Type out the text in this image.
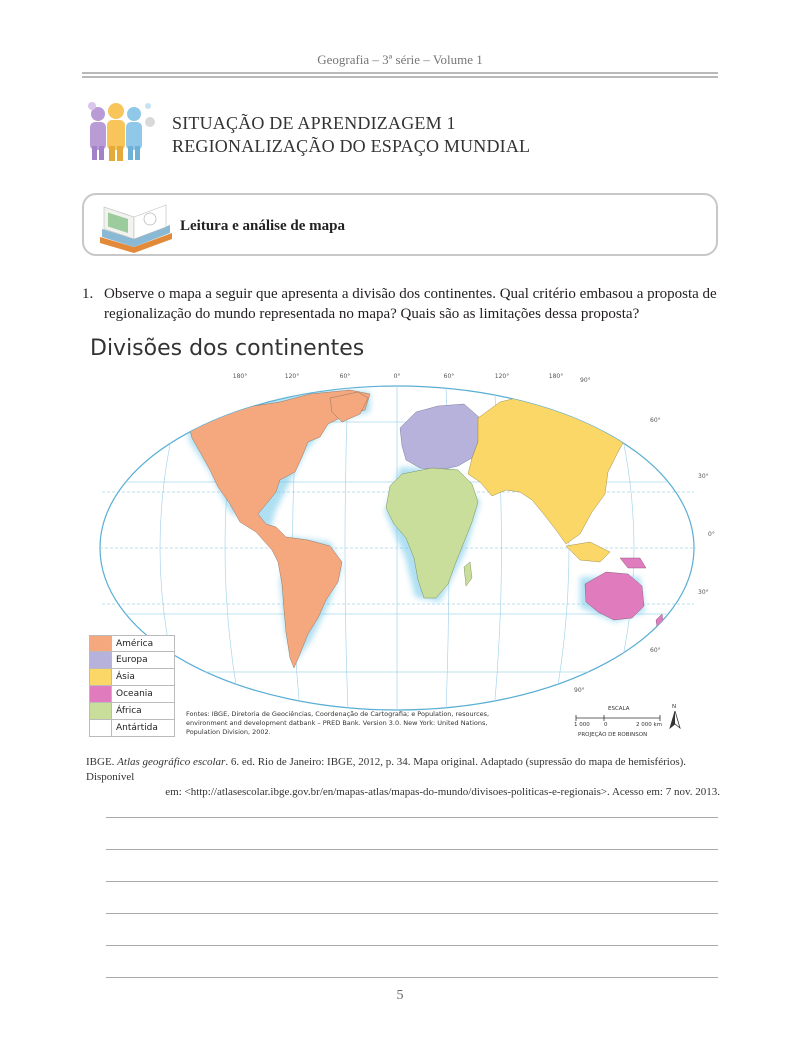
Geografia – 3ª série – Volume 1
SITUAÇÃO DE APRENDIZAGEM 1
REGIONALIZAÇÃO DO ESPAÇO MUNDIAL
Leitura e análise de mapa
1. Observe o mapa a seguir que apresenta a divisão dos continentes. Qual critério embasou a proposta de regionalização do mundo representada no mapa? Quais são as limitações dessa proposta?
Divisões dos continentes
180°	120°	60°	0°	60°	120°	180°
90°
60°
30°
0°
30°
60°
90°
América
Europa
Ásia
Oceania
África
Antártida
Fontes: IBGE, Diretoria de Geociências, Coordenação de Cartografia; e Population, resources, environment and development datbank – PRED Bank. Version 3.0. New York: United Nations, Population Division, 2002.
ESCALA
1 000	0	2 000 km
PROJEÇÃO DE ROBINSON
N
IBGE. Atlas geográfico escolar. 6. ed. Rio de Janeiro: IBGE, 2012, p. 34. Mapa original. Adaptado (supressão do mapa de hemisférios). Disponível
em: <http://atlasescolar.ibge.gov.br/en/mapas-atlas/mapas-do-mundo/divisoes-politicas-e-regionais>. Acesso em: 7 nov. 2013.
5
